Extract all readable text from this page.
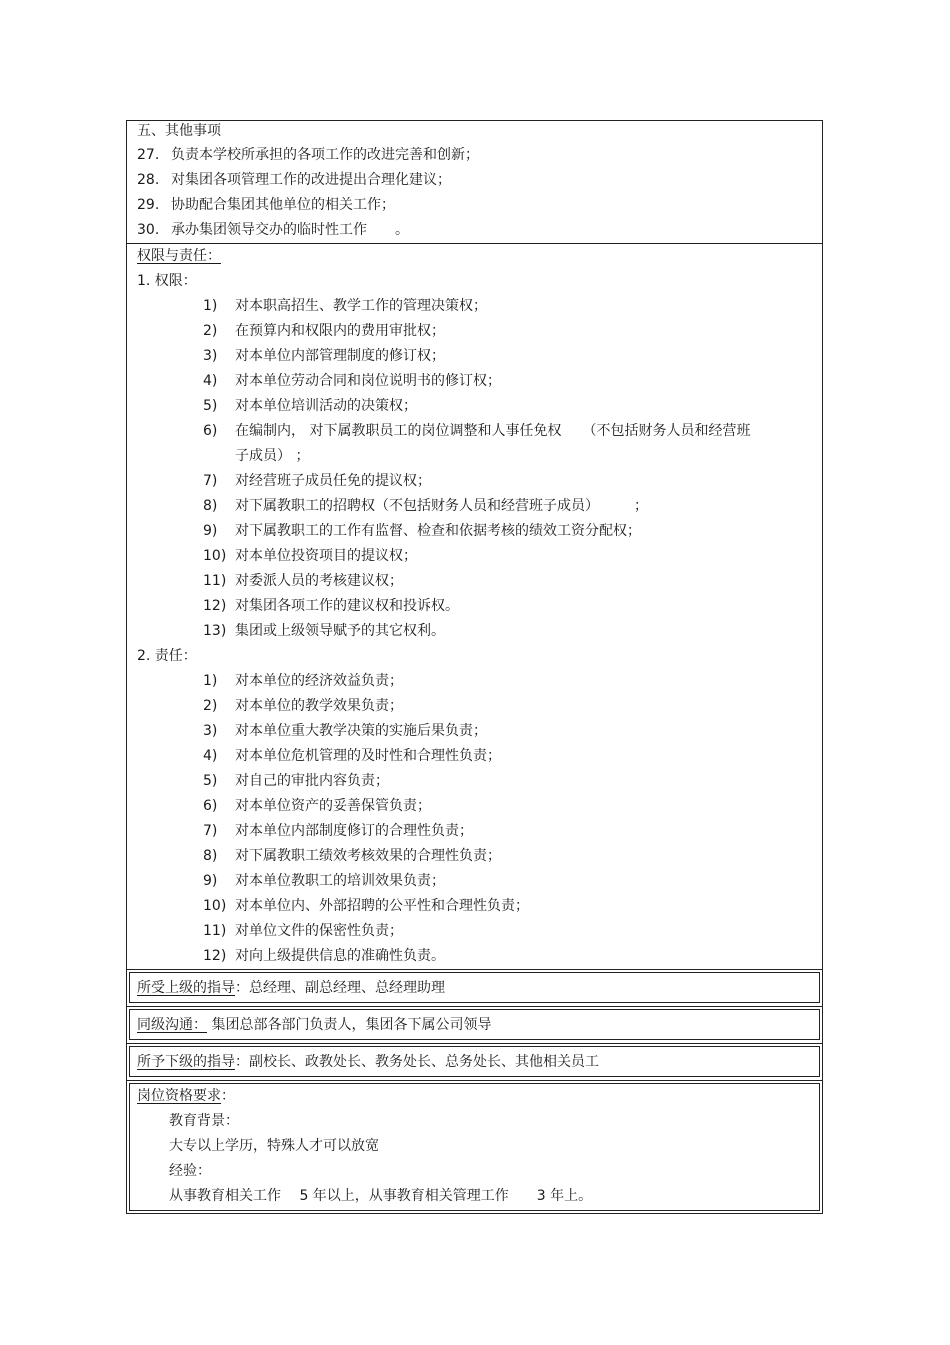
五、其他事项
27. 负责本学校所承担的各项工作的改进完善和创新；
28. 对集团各项管理工作的改进提出合理化建议；
29. 协助配合集团其他单位的相关工作；
30. 承办集团领导交办的临时性工作　　。
权限与责任：
1. 权限：
1)	对本职高招生、教学工作的管理决策权；
2)	在预算内和权限内的费用审批权；
3)	对本单位内部管理制度的修订权；
4)	对本单位劳动合同和岗位说明书的修订权；
5)	对本单位培训活动的决策权；
6)	在编制内， 对下属教职员工的岗位调整和人事任免权　　（不包括财务人员和经营班
子成员） ；
7)	对经营班子成员任免的提议权；
8)	对下属教职工的招聘权（不包括财务人员和经营班子成员）　　　；
9)	对下属教职工的工作有监督、检查和依据考核的绩效工资分配权；
10) 对本单位投资项目的提议权；
11) 对委派人员的考核建议权；
12) 对集团各项工作的建议权和投诉权。
13) 集团或上级领导赋予的其它权利。
2. 责任：
1)	对本单位的经济效益负责；
2)	对本单位的教学效果负责；
3)	对本单位重大教学决策的实施后果负责；
4)	对本单位危机管理的及时性和合理性负责；
5)	对自己的审批内容负责；
6)	对本单位资产的妥善保管负责；
7)	对本单位内部制度修订的合理性负责；
8)	对下属教职工绩效考核效果的合理性负责；
9)	对本单位教职工的培训效果负责；
10) 对本单位内、外部招聘的公平性和合理性负责；
11) 对单位文件的保密性负责；
12) 对向上级提供信息的准确性负责。
所受上级的指导：总经理、副总经理、总经理助理
同级沟通： 集团总部各部门负责人，集团各下属公司领导
所予下级的指导：副校长、政教处长、教务处长、总务处长、其他相关员工
岗位资格要求：
教育背景：
大专以上学历，特殊人才可以放宽
经验：
从事教育相关工作　 5 年以上，从事教育相关管理工作　　3 年上。
